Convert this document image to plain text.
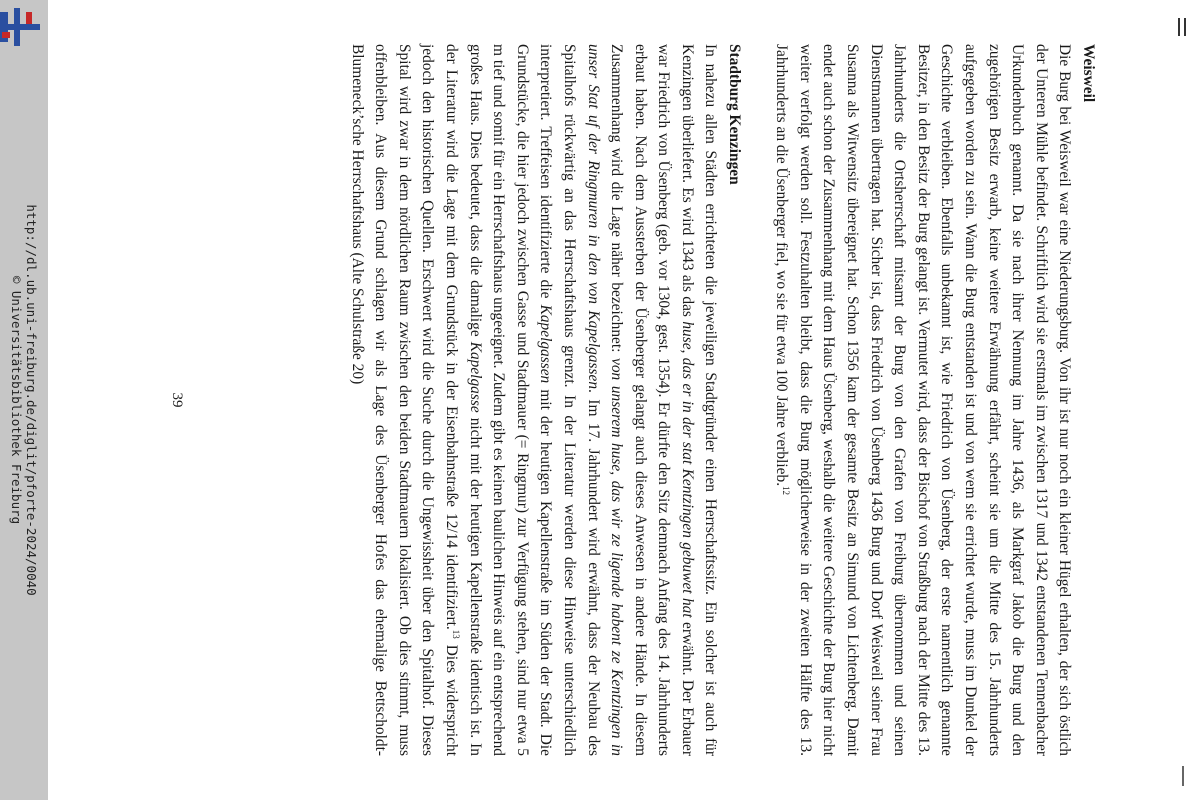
http://dl.ub.uni-freiburg.de/diglit/pforte-2024/0040
© Universitätsbibliothek Freiburg
Weisweil

Die Burg bei Weisweil war eine Niederungsburg. Von ihr ist nur noch ein kleiner Hügel erhalten, der sich östlich der Unteren Mühle befindet. Schriftlich wird sie erstmals im zwischen 1317 und 1342 entstandenen Tennenbacher Urkundenbuch genannt. Da sie nach ihrer Nennung im Jahre 1436, als Markgraf Jakob die Burg und den zugehörigen Besitz erwarb, keine weitere Erwähnung erfährt, scheint sie um die Mitte des 15. Jahrhunderts aufgegeben worden zu sein. Wann die Burg entstanden ist und von wem sie errichtet wurde, muss im Dunkel der Geschichte verbleiben. Ebenfalls unbekannt ist, wie Friedrich von Üsenberg, der erste namentlich genannte Besitzer, in den Besitz der Burg gelangt ist. Vermutet wird, dass der Bischof von Straßburg nach der Mitte des 13. Jahrhunderts die Ortsherrschaft mitsamt der Burg von den Grafen von Freiburg übernommen und seinen Dienstmannen übertragen hat. Sicher ist, dass Friedrich von Üsenberg 1436 Burg und Dorf Weisweil seiner Frau Susanna als Witwensitz übereignet hat. Schon 1356 kam der gesamte Besitz an Simund von Lichtenberg. Damit endet auch schon der Zusammenhang mit dem Haus Üsenberg, weshalb die weitere Geschichte der Burg hier nicht weiter verfolgt werden soll. Festzuhalten bleibt, dass die Burg möglicherweise in der zweiten Hälfte des 13. Jahrhunderts an die Üsenberger fiel, wo sie für etwa 100 Jahre verblieb.$^{12}$

Stadtburg Kenzingen

In nahezu allen Städten errichteten die jeweiligen Stadtgründer einen Herrschaftssitz. Ein solcher ist auch für Kenzingen überliefert. Es wird 1343 als das huse, das er in der stat Kentzingen gebuwet hat erwähnt. Der Erbauer war Friedrich von Üsenberg (geb. vor 1304, gest. 1354). Er dürfte den Sitz demnach Anfang des 14. Jahrhunderts erbaut haben. Nach dem Aussterben der Üsenberger gelangt auch dieses Anwesen in andere Hände. In diesem Zusammenhang wird die Lage näher bezeichnet: von unserem huse, das wir ze ligende habent ze Kentzingen in unser Stat uf der Ringmuren in den von Kapelgassen. Im 17. Jahrhundert wird erwähnt, dass der Neubau des Spitalhofs rückwärtig an das Herrschaftshaus grenzt. In der Literatur werden diese Hinweise unterschiedlich interpretiert. Treffeisen identifizierte die Kapelgassen mit der heutigen Kapellenstraße im Süden der Stadt. Die Grundstücke, die hier jedoch zwischen Gasse und Stadtmauer (= Ringmur) zur Verfügung stehen, sind nur etwa 5 m tief und somit für ein Herrschaftshaus ungeeignet. Zudem gibt es keinen baulichen Hinweis auf ein entsprechend großes Haus. Dies bedeutet, dass die damalige Kapelgasse nicht mit der heutigen Kapellenstraße identisch ist. In der Literatur wird die Lage mit dem Grundstück in der Eisenbahnstraße 12/14 identifiziert.$^{13}$ Dies widerspricht jedoch den historischen Quellen. Erschwert wird die Suche durch die Ungewissheit über den Spitalhof. Dieses Spital wird zwar in dem nördlichen Raum zwischen den beiden Stadtmauern lokalisiert. Ob dies stimmt, muss offenbleiben. Aus diesem Grund schlagen wir als Lage des Üsenberger Hofes das ehemalige Bettscholdt-Blumeneck’sche Herrschaftshaus (Alte Schulstraße 20)

39
